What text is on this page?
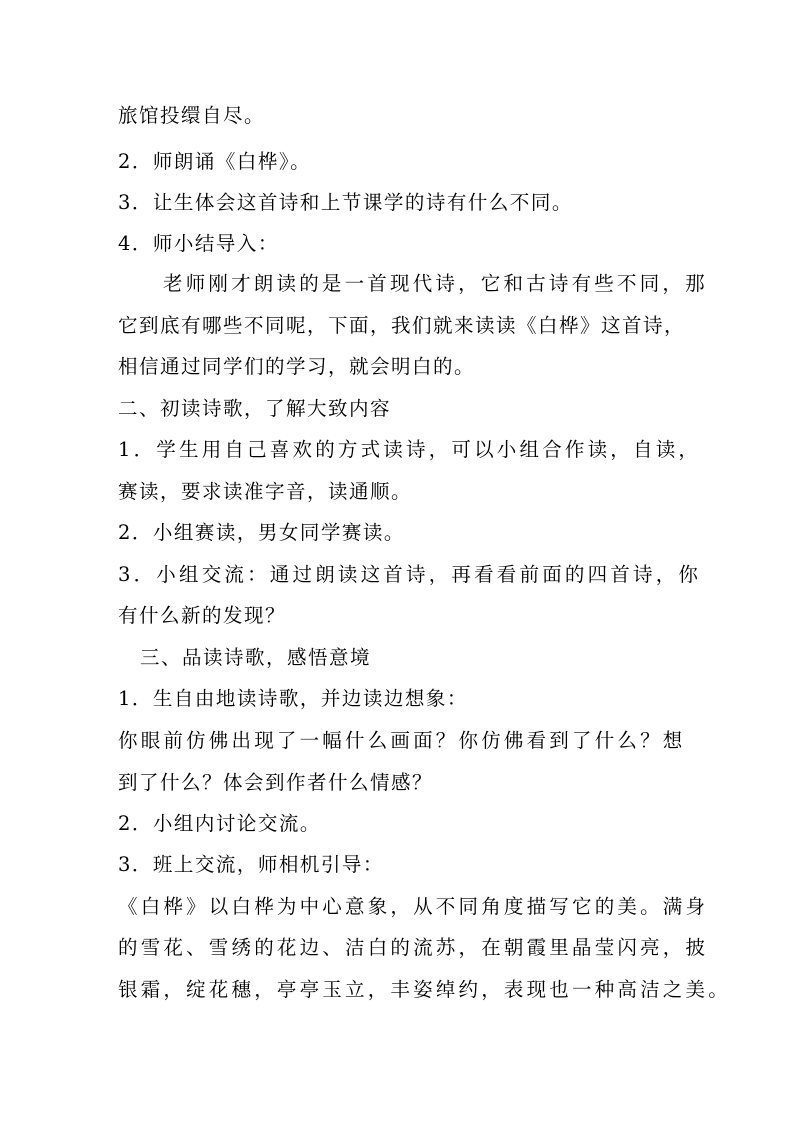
旅馆投缳自尽。
2．师朗诵《白桦》。
3．让生体会这首诗和上节课学的诗有什么不同。
4．师小结导入：
老师刚才朗读的是一首现代诗，它和古诗有些不同，那
它到底有哪些不同呢，下面，我们就来读读《白桦》这首诗，
相信通过同学们的学习，就会明白的。
二、初读诗歌，了解大致内容
1．学生用自己喜欢的方式读诗，可以小组合作读，自读，
赛读，要求读准字音，读通顺。
2．小组赛读，男女同学赛读。
3．小组交流：通过朗读这首诗，再看看前面的四首诗，你
有什么新的发现？
三、品读诗歌，感悟意境
1．生自由地读诗歌，并边读边想象：
你眼前仿佛出现了一幅什么画面？你仿佛看到了什么？想
到了什么？体会到作者什么情感？
2．小组内讨论交流。
3．班上交流，师相机引导：
《白桦》以白桦为中心意象，从不同角度描写它的美。满身
的雪花、雪绣的花边、洁白的流苏，在朝霞里晶莹闪亮，披
银霜，绽花穗，亭亭玉立，丰姿绰约，表现也一种高洁之美。
